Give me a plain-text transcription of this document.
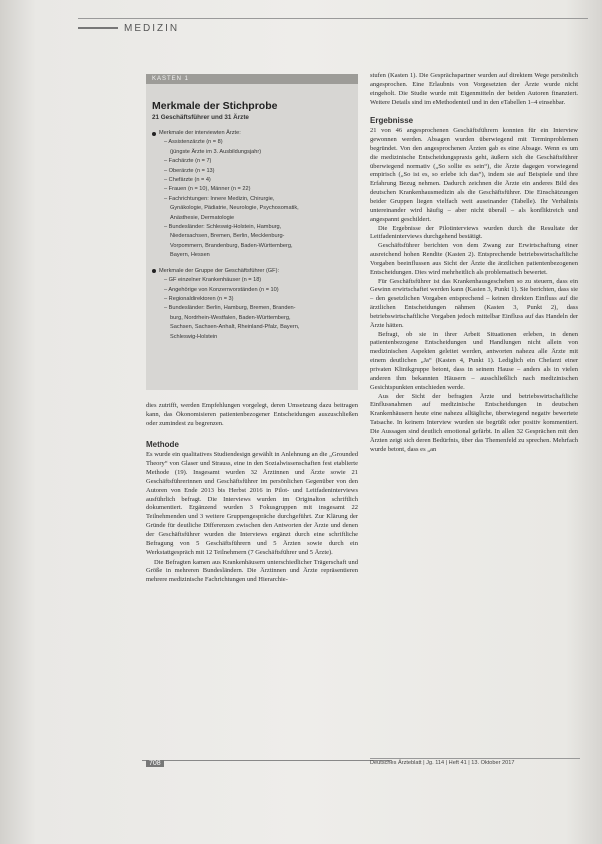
MEDIZIN
KASTEN 1
Merkmale der Stichprobe
21 Geschäftsführer und 31 Ärzte
Merkmale der interviewten Ärzte:
– Assistenzärzte (n = 8)
(jüngste Ärzte im 3. Ausbildungsjahr)
– Fachärzte (n = 7)
– Oberärzte (n = 13)
– Chefärzte (n = 4)
– Frauen (n = 10), Männer (n = 22)
– Fachrichtungen: Innere Medizin, Chirurgie,
Gynäkologie, Pädiatrie, Neurologie, Psychosomatik,
Anästhesie, Dermatologie
– Bundesländer: Schleswig-Holstein, Hamburg,
Niedersachsen, Bremen, Berlin, Mecklenburg-
Vorpommern, Brandenburg, Baden-Württemberg,
Bayern, Hessen
Merkmale der Gruppe der Geschäftsführer (GF):
– GF einzelner Krankenhäuser (n = 18)
– Angehörige von Konzernvorständen (n = 10)
– Regionaldirektoren (n = 3)
– Bundesländer: Berlin, Hamburg, Bremen, Branden-
burg, Nordrhein-Westfalen, Baden-Württemberg,
Sachsen, Sachsen-Anhalt, Rheinland-Pfalz, Bayern,
Schleswig-Holstein

dies zutrifft, werden Empfehlungen vorgelegt, deren Umsetzung dazu beitragen kann, das Ökonomisieren patientenbezogener Entscheidungen auszuschließen oder zumindest zu begrenzen.

Methode

Es wurde ein qualitatives Studiendesign gewählt in Anlehnung an die „Grounded Theory“ von Glaser und Strauss, eine in den Sozialwissenschaften fest etablierte Methode (19). Insgesamt wurden 32 Ärztinnen und Ärzte sowie 21 Geschäftsführerinnen und Geschäftsführer im persönlichen Gegenüber von den Autoren von Ende 2013 bis Herbst 2016 in Pilot- und Leitfadeninterviews ausführlich befragt. Die Interviews wurden im Originalton schriftlich dokumentiert. Ergänzend wurden 3 Fokusgruppen mit insgesamt 22 Teilnehmenden und 3 weitere Gruppengespräche durchgeführt. Zur Klärung der Gründe für deutliche Differenzen zwischen den Antworten der Ärzte und denen der Geschäftsführer wurden die Interviews ergänzt durch eine schriftliche Befragung von 5 Geschäftsführern und 5 Ärzten sowie durch ein Werkstattgespräch mit 12 Teilnehmern (7 Geschäftsführer und 5 Ärzte).

Die Befragten kamen aus Krankenhäusern unterschiedlicher Trägerschaft und Größe in mehreren Bundesländern. Die Ärztinnen und Ärzte repräsentieren mehrere medizinische Fachrichtungen und Hierarchie-

stufen (Kasten 1). Die Gesprächspartner wurden auf direktem Wege persönlich angesprochen. Eine Erlaubnis von Vorgesetzten der Ärzte wurde nicht eingeholt. Die Studie wurde mit Eigenmitteln der beiden Autoren finanziert. Weitere Details sind im eMethodenteil und in den eTabellen 1–4 einsehbar.

Ergebnisse

21 von 46 angesprochenen Geschäftsführern konnten für ein Interview gewonnen werden. Absagen wurden überwiegend mit Terminproblemen begründet. Von den angesprochenen Ärzten gab es eine Absage. Wenn es um die medizinische Entscheidungspraxis geht, äußern sich die Geschäftsführer überwiegend normativ („So sollte es sein“), die Ärzte dagegen vorwiegend empirisch („So ist es, so erlebe ich das“), indem sie auf Beispiele und ihre Erfahrung Bezug nehmen. Dadurch zeichnen die Ärzte ein anderes Bild des deutschen Krankenhausmedizin als die Geschäftsführer. Die Einschätzungen beider Gruppen liegen vielfach weit auseinander (Tabelle). Ihr Verhältnis untereinander wird häufig – aber nicht überall – als konfliktreich und angespannt geschildert.

Die Ergebnisse der Pilotinterviews wurden durch die Resultate der Leitfadeninterviews durchgehend bestätigt.

Geschäftsführer berichten von dem Zwang zur Erwirtschaftung einer ausreichend hohen Rendite (Kasten 2). Entsprechende betriebswirtschaftliche Vorgaben beeinflussen aus Sicht der Ärzte die ärztlichen patientenbezogenen Entscheidungen. Dies wird mehrheitlich als problematisch bewertet.

Für Geschäftsführer ist das Krankenhausgeschehen so zu steuern, dass ein Gewinn erwirtschaftet werden kann (Kasten 3, Punkt 1). Sie berichten, dass sie – den gesetzlichen Vorgaben entsprechend – keinen direkten Einfluss auf die ärztlichen Entscheidungen nähmen (Kasten 3, Punkt 2), dass betriebswirtschaftliche Vorgaben jedoch mittelbar Einfluss auf das Handeln der Ärzte hätten.

Befragt, ob sie in ihrer Arbeit Situationen erleben, in denen patientenbezogene Entscheidungen und Handlungen nicht allein von medizinischen Aspekten geleitet werden, antworten nahezu alle Ärzte mit einem deutlichen „Ja“ (Kasten 4, Punkt 1). Lediglich ein Chefarzt einer privaten Klinikgruppe betont, dass in seinem Hause – anders als in vielen anderen ihm bekannten Häusern – ausschließlich nach medizinischen Gesichtspunkten entschieden werde.

Aus der Sicht der befragten Ärzte und betriebswirtschaftliche Einflussnahmen auf medizinische Entscheidungen in deutschen Krankenhäusern heute eine nahezu alltägliche, überwiegend negativ bewertete Tatsache. In keinem Interview wurden sie begrüßt oder positiv kommentiert. Die Aussagen sind deutlich emotional gefärbt. In allen 32 Gesprächen mit den Ärzten zeigt sich deren Bedürfnis, über das Themenfeld zu sprechen. Mehrfach wurde betont, dass es „an

708	Deutsches Ärzteblatt | Jg. 114 | Heft 41 | 13. Oktober 2017
